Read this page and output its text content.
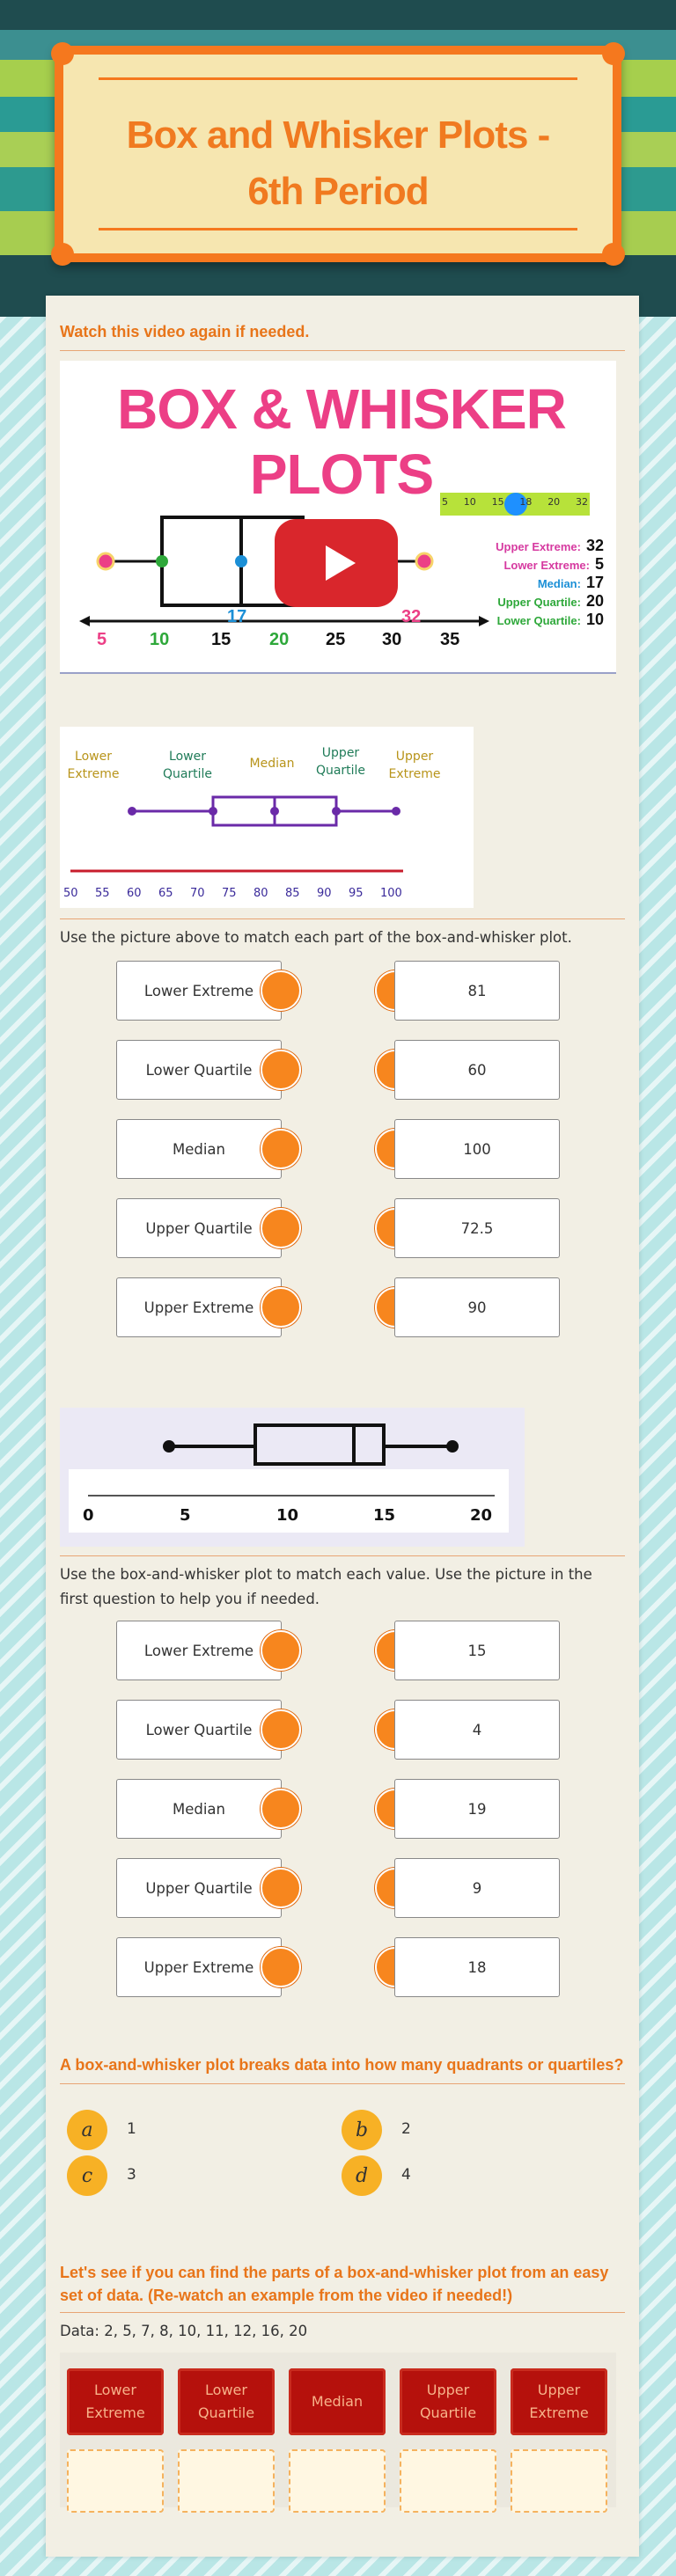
Box and Whisker Plots - 6th Period
Watch this video again if needed.
BOX & WHISKER PLOTS 5 10 15 18 20 32
Upper Extreme: 32
Lower Extreme: 5
Median: 17
Upper Quartile: 20
Lower Quartile: 10
5 10 15 20 25 30 35
17	32
Lower Extreme
Lower Quartile
Median
Upper Quartile
Upper Extreme
50 55 60 65 70 75 80 85 90 95 100
Use the picture above to match each part of the box-and-whisker plot.
Lower Extreme	81
Lower Quartile	60
Median	100
Upper Quartile	72.5
Upper Extreme	90
0	5	10	15	20
Use the box-and-whisker plot to match each value. Use the picture in the first question to help you if needed.
Lower Extreme	15
Lower Quartile	4
Median	19
Upper Quartile	9
Upper Extreme	18
A box-and-whisker plot breaks data into how many quadrants or quartiles?
a	1	b	2
c	3	d	4
Let's see if you can find the parts of a box-and-whisker plot from an easy set of data. (Re-watch an example from the video if needed!)
Data: 2, 5, 7, 8, 10, 11, 12, 16, 20
Lower Extreme
Lower Quartile
Median
Upper Quartile
Upper Extreme
